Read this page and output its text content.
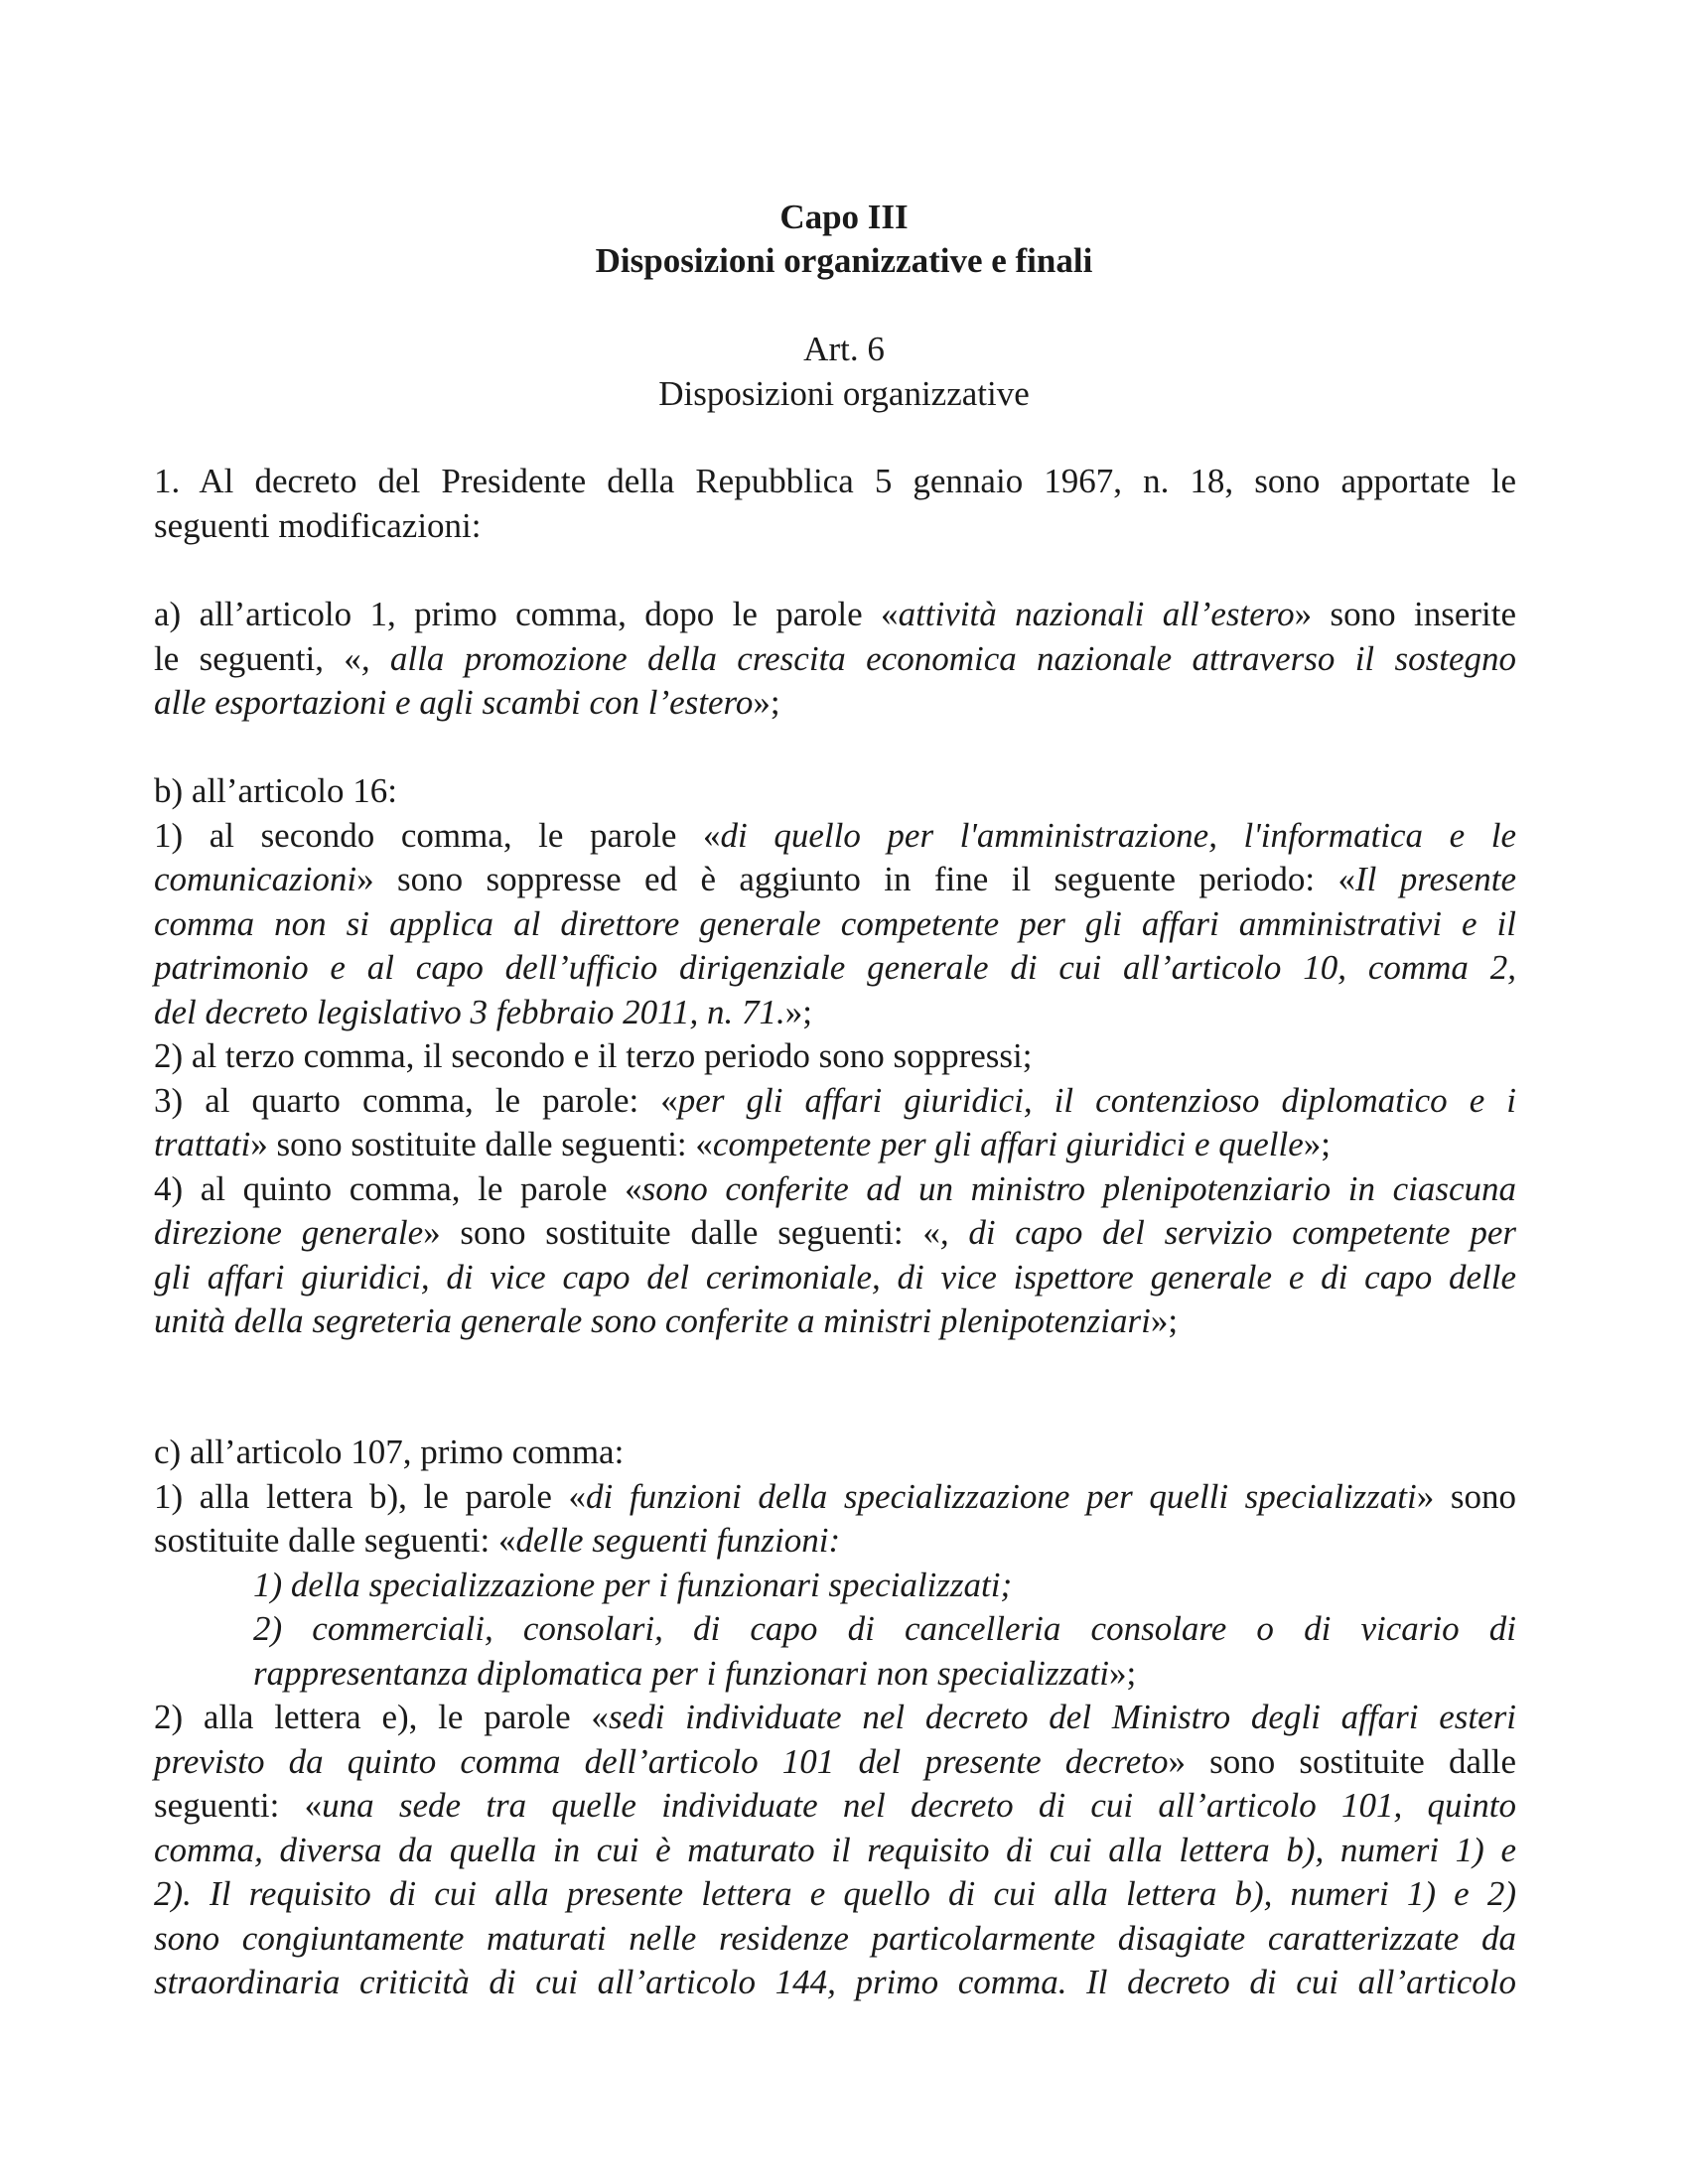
Capo III
Disposizioni organizzative e finali
Art. 6
Disposizioni organizzative
1. Al decreto del Presidente della Repubblica 5 gennaio 1967, n. 18, sono apportate le
seguenti modificazioni:
a) all’articolo 1, primo comma, dopo le parole «attività nazionali all’estero» sono inserite
le seguenti, «, alla promozione della crescita economica nazionale attraverso il sostegno
alle esportazioni e agli scambi con l’estero»;
b) all’articolo 16:
1) al secondo comma, le parole «di quello per l'amministrazione, l'informatica e le
comunicazioni» sono soppresse ed è aggiunto in fine il seguente periodo: «Il presente
comma non si applica al direttore generale competente per gli affari amministrativi e il
patrimonio e al capo dell’ufficio dirigenziale generale di cui all’articolo 10, comma 2,
del decreto legislativo 3 febbraio 2011, n. 71.»;
2) al terzo comma, il secondo e il terzo periodo sono soppressi;
3) al quarto comma, le parole: «per gli affari giuridici, il contenzioso diplomatico e i
trattati» sono sostituite dalle seguenti: «competente per gli affari giuridici e quelle»;
4) al quinto comma, le parole «sono conferite ad un ministro plenipotenziario in ciascuna
direzione generale» sono sostituite dalle seguenti: «, di capo del servizio competente per
gli affari giuridici, di vice capo del cerimoniale, di vice ispettore generale e di capo delle
unità della segreteria generale sono conferite a ministri plenipotenziari»;
c) all’articolo 107, primo comma:
1) alla lettera b), le parole «di funzioni della specializzazione per quelli specializzati» sono
sostituite dalle seguenti: «delle seguenti funzioni:
1) della specializzazione per i funzionari specializzati;
2) commerciali, consolari, di capo di cancelleria consolare o di vicario di
rappresentanza diplomatica per i funzionari non specializzati»;
2) alla lettera e), le parole «sedi individuate nel decreto del Ministro degli affari esteri
previsto da quinto comma dell’articolo 101 del presente decreto» sono sostituite dalle
seguenti: «una sede tra quelle individuate nel decreto di cui all’articolo 101, quinto
comma, diversa da quella in cui è maturato il requisito di cui alla lettera b), numeri 1) e
2). Il requisito di cui alla presente lettera e quello di cui alla lettera b), numeri 1) e 2)
sono congiuntamente maturati nelle residenze particolarmente disagiate caratterizzate da
straordinaria criticità di cui all’articolo 144, primo comma. Il decreto di cui all’articolo
